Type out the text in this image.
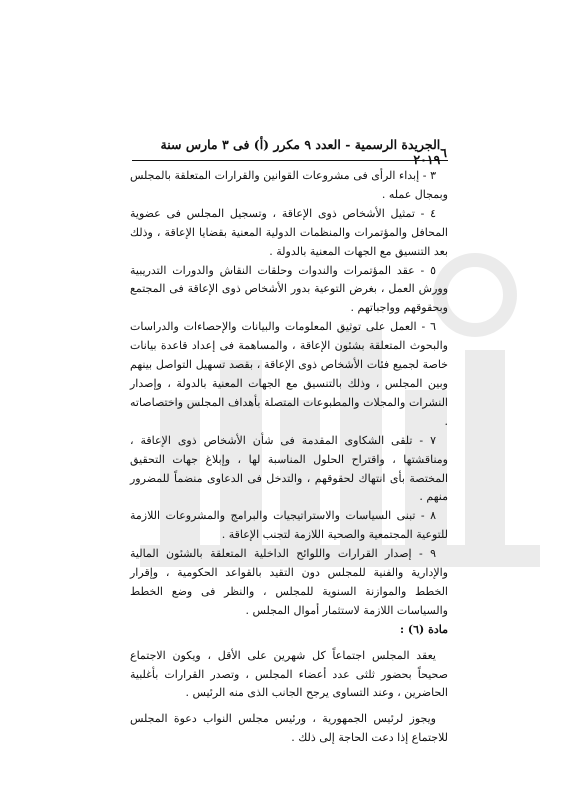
٦
الجريدة الرسمية - العدد ٩ مكرر (أ) فى ٣ مارس سنة ٢٠١٩

٣ - إبداء الرأى فى مشروعات القوانين والقرارات المتعلقة بالمجلس وبمجال عمله .

٤ - تمثيل الأشخاص ذوى الإعاقة ، وتسجيل المجلس فى عضوية المحافل والمؤتمرات والمنظمات الدولية المعنية بقضايا الإعاقة ، وذلك بعد التنسيق مع الجهات المعنية بالدولة .

٥ - عقد المؤتمرات والندوات وحلقات النقاش والدورات التدريبية وورش العمل ، بغرض التوعية بدور الأشخاص ذوى الإعاقة فى المجتمع وبحقوقهم وواجباتهم .

٦ - العمل على توثيق المعلومات والبيانات والإحصاءات والدراسات والبحوث المتعلقة بشئون الإعاقة ، والمساهمة فى إعداد قاعدة بيانات خاصة لجميع فئات الأشخاص ذوى الإعاقة ، بقصد تسهيل التواصل بينهم وبين المجلس ، وذلك بالتنسيق مع الجهات المعنية بالدولة ، وإصدار النشرات والمجلات والمطبوعات المتصلة بأهداف المجلس واختصاصاته .

٧ - تلقى الشكاوى المقدمة فى شأن الأشخاص ذوى الإعاقة ، ومناقشتها ، واقتراح الحلول المناسبة لها ، وإبلاغ جهات التحقيق المختصة بأى انتهاك لحقوقهم ، والتدخل فى الدعاوى منضماً للمضرور منهم .

٨ - تبنى السياسات والاستراتيجيات والبرامج والمشروعات اللازمة للتوعية المجتمعية والصحية اللازمة لتجنب الإعاقة .

٩ - إصدار القرارات واللوائح الداخلية المتعلقة بالشئون المالية والإدارية والفنية للمجلس دون التقيد بالقواعد الحكومية ، وإقرار الخطط والموازنة السنوية للمجلس ، والنظر فى وضع الخطط والسياسات اللازمة لاستثمار أموال المجلس .

مادة (٦) :

يعقد المجلس اجتماعاً كل شهرين على الأقل ، ويكون الاجتماع صحيحاً بحضور ثلثى عدد أعضاء المجلس ، وتصدر القرارات بأغلبية الحاضرين ، وعند التساوى يرجح الجانب الذى منه الرئيس .

ويجوز لرئيس الجمهورية ، ورئيس مجلس النواب دعوة المجلس للاجتماع إذا دعت الحاجة إلى ذلك .
